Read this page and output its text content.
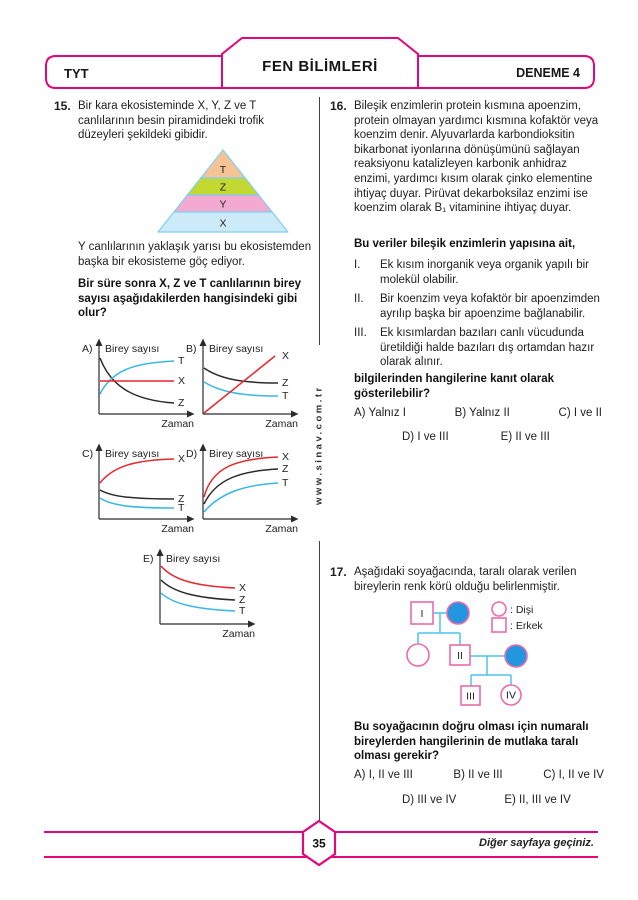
TYT	FEN BİLİMLERİ	DENEME 4
www.sinav.com.tr
15. Bir kara ekosisteminde X, Y, Z ve T canlılarının besin piramidindeki trofik düzeyleri şekildeki gibidir.
T
Z
Y
X
Y canlılarının yaklaşık yarısı bu ekosistemden başka bir ekosisteme göç ediyor.
Bir süre sonra X, Z ve T canlılarının birey sayısı aşağıdakilerden hangisindeki gibi olur?
A) Birey sayısı
Z
T
X
Zaman
B) Birey sayısı
Z
T
X
Zaman
C) Birey sayısı X
Z
T
Zaman
D) Birey sayısı X
Z
T
Zaman
E) Birey sayısı
X
Z
T
Zaman
16. Bileşik enzimlerin protein kısmına apoenzim, protein olmayan yardımcı kısmına kofaktör veya koenzim denir. Alyuvarlarda karbondioksitin bikarbonat iyonlarına dönüşümünü sağlayan reaksiyonu katalizleyen karbonik anhidraz enzimi, yardımcı kısım olarak çinko elementine ihtiyaç duyar. Pirüvat dekarboksilaz enzimi ise koenzim olarak B₁ vitaminine ihtiyaç duyar.
Bu veriler bileşik enzimlerin yapısına ait,
I. Ek kısım inorganik veya organik yapılı bir molekül olabilir.
II. Bir koenzim veya kofaktör bir apoenzimden ayrılıp başka bir apoenzime bağlanabilir.
III. Ek kısımlardan bazıları canlı vücudunda üretildiği halde bazıları dış ortamdan hazır olarak alınır.
bilgilerinden hangilerine kanıt olarak gösterilebilir?
A) Yalnız I	B) Yalnız II	C) I ve II
D) I ve III	E) II ve III
17. Aşağıdaki soyağacında, taralı olarak verilen bireylerin renk körü olduğu belirlenmiştir.
I
II
III	IV
: Dişi
: Erkek
Bu soyağacının doğru olması için numaralı bireylerden hangilerinin de mutlaka taralı olması gerekir?
A) I, II ve III	B) II ve III	C) I, II ve IV
D) III ve IV	E) II, III ve IV
35	Diğer sayfaya geçiniz.
